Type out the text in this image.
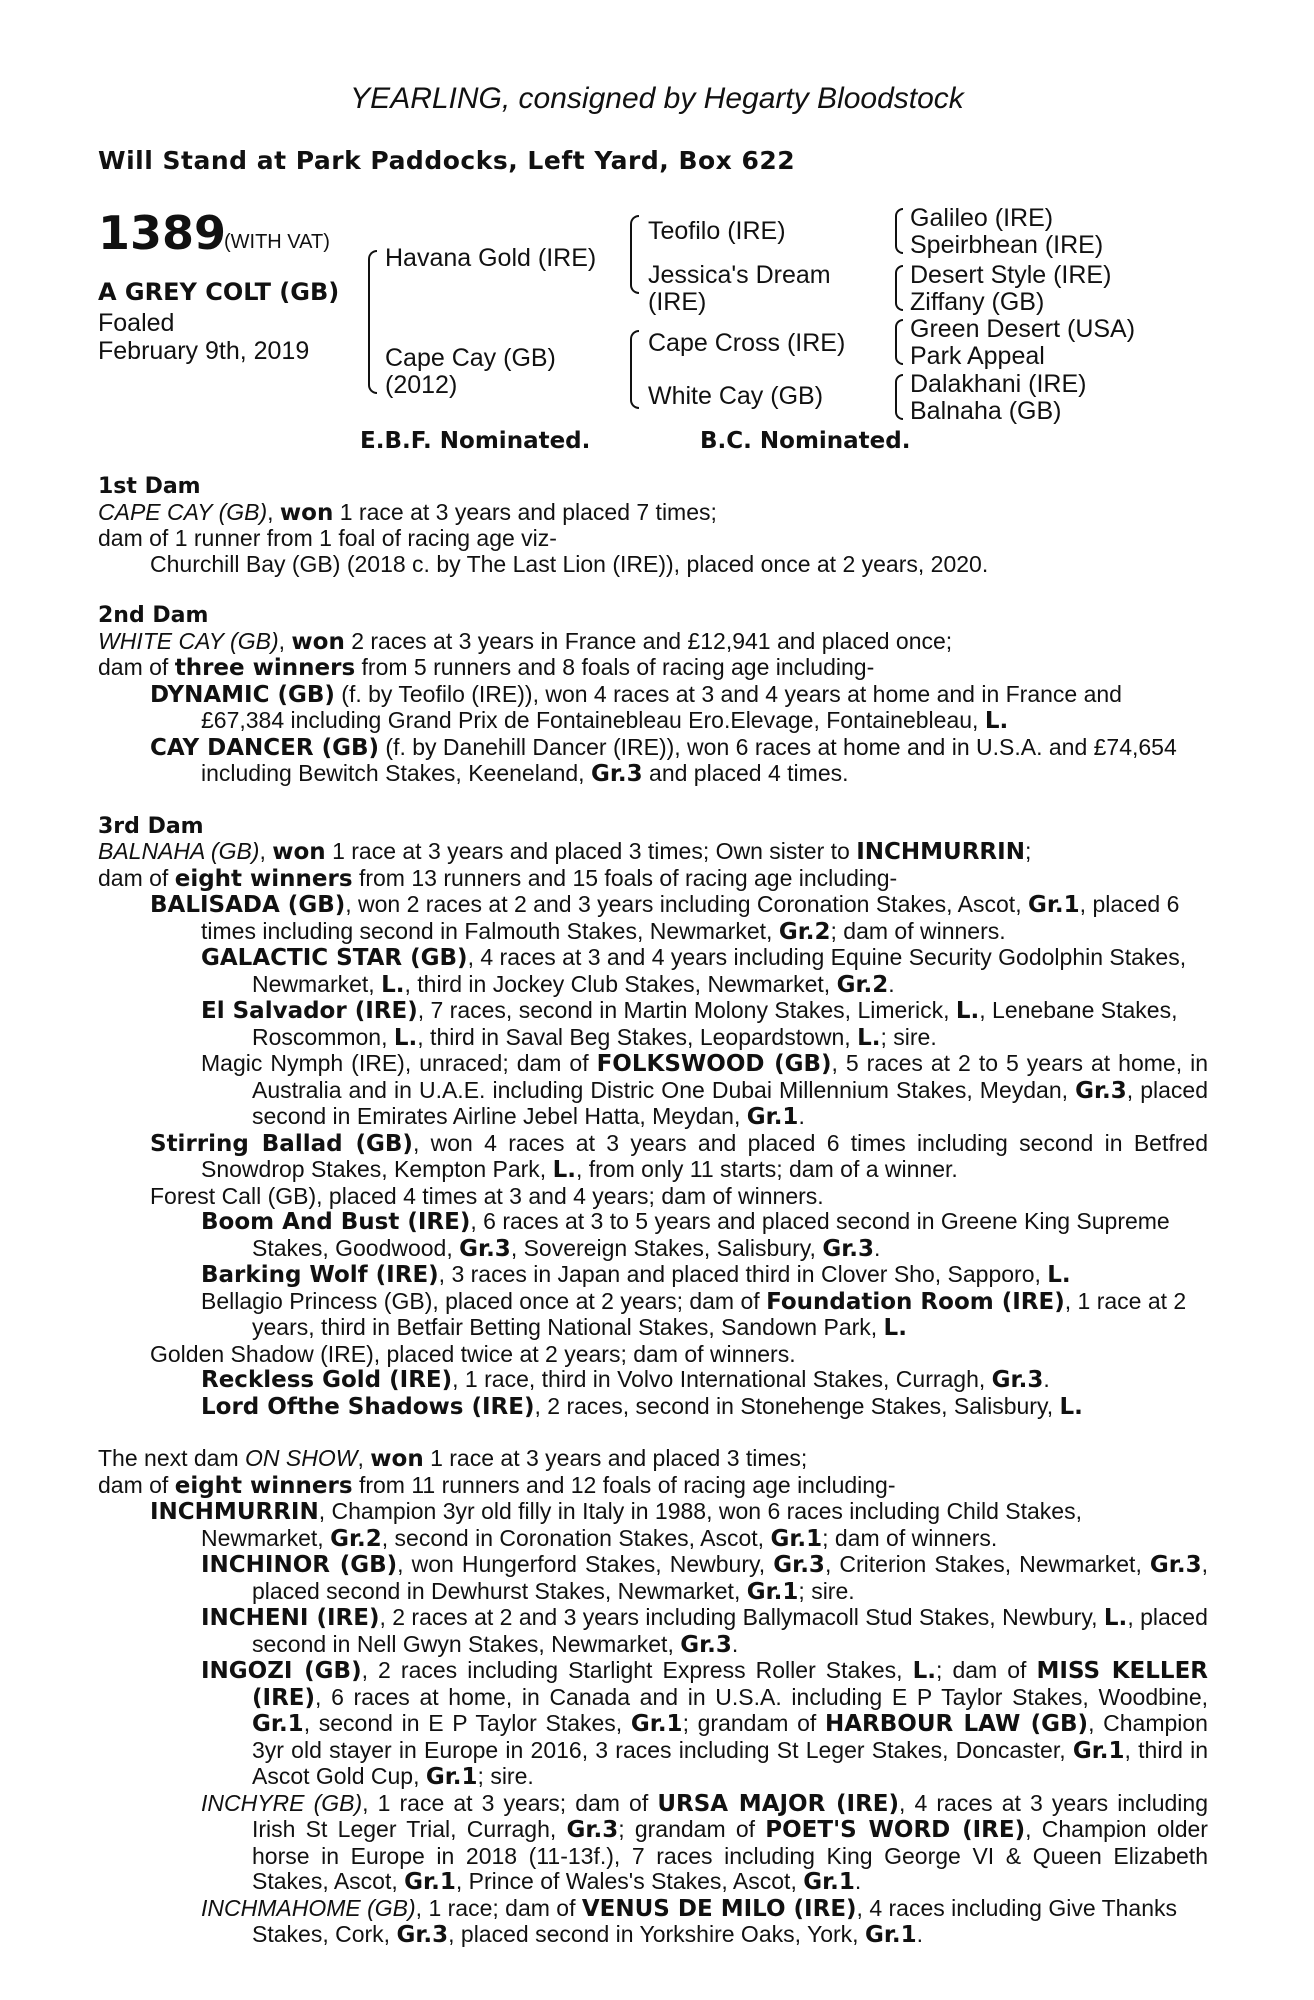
YEARLING, consigned by Hegarty Bloodstock
Will Stand at Park Paddocks, Left Yard, Box 622
1389
(WITH VAT)
A GREY COLT (GB)
Foaled
February 9th, 2019
Havana Gold (IRE)
Cape Cay (GB)
(2012)
Teofilo (IRE)
Jessica's Dream
(IRE)
Cape Cross (IRE)
White Cay (GB)
Galileo (IRE)
Speirbhean (IRE)
Desert Style (IRE)
Ziffany (GB)
Green Desert (USA)
Park Appeal
Dalakhani (IRE)
Balnaha (GB)
E.B.F. Nominated.	B.C. Nominated.

1st Dam

CAPE CAY (GB), won 1 race at 3 years and placed 7 times;

dam of 1 runner from 1 foal of racing age viz-

Churchill Bay (GB) (2018 c. by The Last Lion (IRE)), placed once at 2 years, 2020.

2nd Dam

WHITE CAY (GB), won 2 races at 3 years in France and £12,941 and placed once;

dam of three winners from 5 runners and 8 foals of racing age including-

DYNAMIC (GB) (f. by Teofilo (IRE)), won 4 races at 3 and 4 years at home and in France and £67,384 including Grand Prix de Fontainebleau Ero.Elevage, Fontainebleau, L.

CAY DANCER (GB) (f. by Danehill Dancer (IRE)), won 6 races at home and in U.S.A. and £74,654 including Bewitch Stakes, Keeneland, Gr.3 and placed 4 times.

3rd Dam

BALNAHA (GB), won 1 race at 3 years and placed 3 times; Own sister to INCHMURRIN;

dam of eight winners from 13 runners and 15 foals of racing age including-

BALISADA (GB), won 2 races at 2 and 3 years including Coronation Stakes, Ascot, Gr.1, placed 6 times including second in Falmouth Stakes, Newmarket, Gr.2; dam of winners.

GALACTIC STAR (GB), 4 races at 3 and 4 years including Equine Security Godolphin Stakes, Newmarket, L., third in Jockey Club Stakes, Newmarket, Gr.2.

El Salvador (IRE), 7 races, second in Martin Molony Stakes, Limerick, L., Lenebane Stakes, Roscommon, L., third in Saval Beg Stakes, Leopardstown, L.; sire.

Magic Nymph (IRE), unraced; dam of FOLKSWOOD (GB), 5 races at 2 to 5 years at home, in Australia and in U.A.E. including Distric One Dubai Millennium Stakes, Meydan, Gr.3, placed second in Emirates Airline Jebel Hatta, Meydan, Gr.1.

Stirring Ballad (GB), won 4 races at 3 years and placed 6 times including second in Betfred Snowdrop Stakes, Kempton Park, L., from only 11 starts; dam of a winner.

Forest Call (GB), placed 4 times at 3 and 4 years; dam of winners.

Boom And Bust (IRE), 6 races at 3 to 5 years and placed second in Greene King Supreme Stakes, Goodwood, Gr.3, Sovereign Stakes, Salisbury, Gr.3.

Barking Wolf (IRE), 3 races in Japan and placed third in Clover Sho, Sapporo, L.

Bellagio Princess (GB), placed once at 2 years; dam of Foundation Room (IRE), 1 race at 2 years, third in Betfair Betting National Stakes, Sandown Park, L.

Golden Shadow (IRE), placed twice at 2 years; dam of winners.

Reckless Gold (IRE), 1 race, third in Volvo International Stakes, Curragh, Gr.3.

Lord Ofthe Shadows (IRE), 2 races, second in Stonehenge Stakes, Salisbury, L.

The next dam ON SHOW, won 1 race at 3 years and placed 3 times;

dam of eight winners from 11 runners and 12 foals of racing age including-

INCHMURRIN, Champion 3yr old filly in Italy in 1988, won 6 races including Child Stakes, Newmarket, Gr.2, second in Coronation Stakes, Ascot, Gr.1; dam of winners.

INCHINOR (GB), won Hungerford Stakes, Newbury, Gr.3, Criterion Stakes, Newmarket, Gr.3, placed second in Dewhurst Stakes, Newmarket, Gr.1; sire.

INCHENI (IRE), 2 races at 2 and 3 years including Ballymacoll Stud Stakes, Newbury, L., placed second in Nell Gwyn Stakes, Newmarket, Gr.3.

INGOZI (GB), 2 races including Starlight Express Roller Stakes, L.; dam of MISS KELLER (IRE), 6 races at home, in Canada and in U.S.A. including E P Taylor Stakes, Woodbine, Gr.1, second in E P Taylor Stakes, Gr.1; grandam of HARBOUR LAW (GB), Champion 3yr old stayer in Europe in 2016, 3 races including St Leger Stakes, Doncaster, Gr.1, third in Ascot Gold Cup, Gr.1; sire.

INCHYRE (GB), 1 race at 3 years; dam of URSA MAJOR (IRE), 4 races at 3 years including Irish St Leger Trial, Curragh, Gr.3; grandam of POET'S WORD (IRE), Champion older horse in Europe in 2018 (11-13f.), 7 races including King George VI & Queen Elizabeth Stakes, Ascot, Gr.1, Prince of Wales's Stakes, Ascot, Gr.1.

INCHMAHOME (GB), 1 race; dam of VENUS DE MILO (IRE), 4 races including Give Thanks Stakes, Cork, Gr.3, placed second in Yorkshire Oaks, York, Gr.1.
